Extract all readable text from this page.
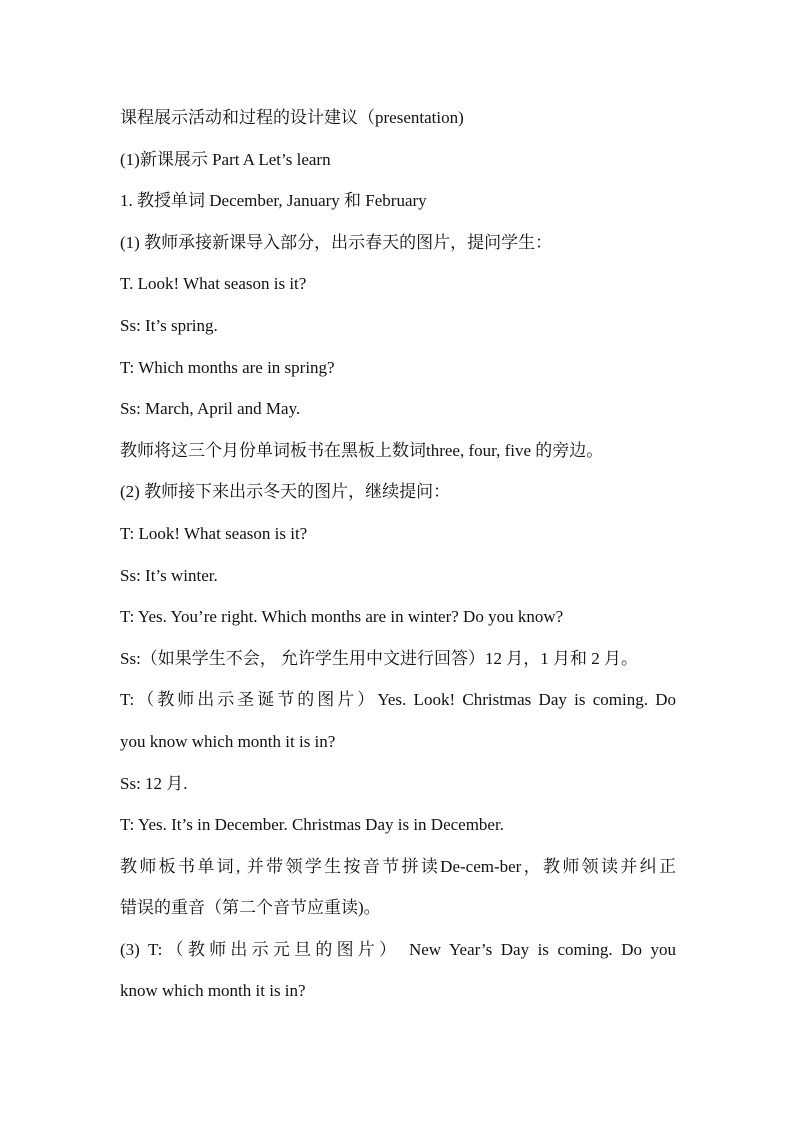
课程展示活动和过程的设计建议（presentation)
(1)新课展示 Part A Let’s learn
1. 教授单词 December, January 和 February
(1) 教师承接新课导入部分，出示春天的图片，提问学生：
T. Look! What season is it?
Ss: It’s spring.
T: Which months are in spring?
Ss: March, April and May.
教师将这三个月份单词板书在黑板上数词three, four, five 的旁边。
(2) 教师接下来出示冬天的图片，继续提问：
T: Look! What season is it?
Ss: It’s winter.
T: Yes. You’re right. Which months are in winter? Do you know?
Ss:（如果学生不会， 允许学生用中文进行回答）12 月，1 月和 2 月。
T:（教师出示圣诞节的图片）Yes. Look! Christmas Day is coming. Do
you know which month it is in?
Ss: 12 月.
T: Yes. It’s in December. Christmas Day is in December.
教师板书单词, 并带领学生按音节拼读De-cem-ber，教师领读并纠正
错误的重音（第二个音节应重读)。
(3) T:（教师出示元旦的图片） New Year’s Day is coming. Do you
know which month it is in?
